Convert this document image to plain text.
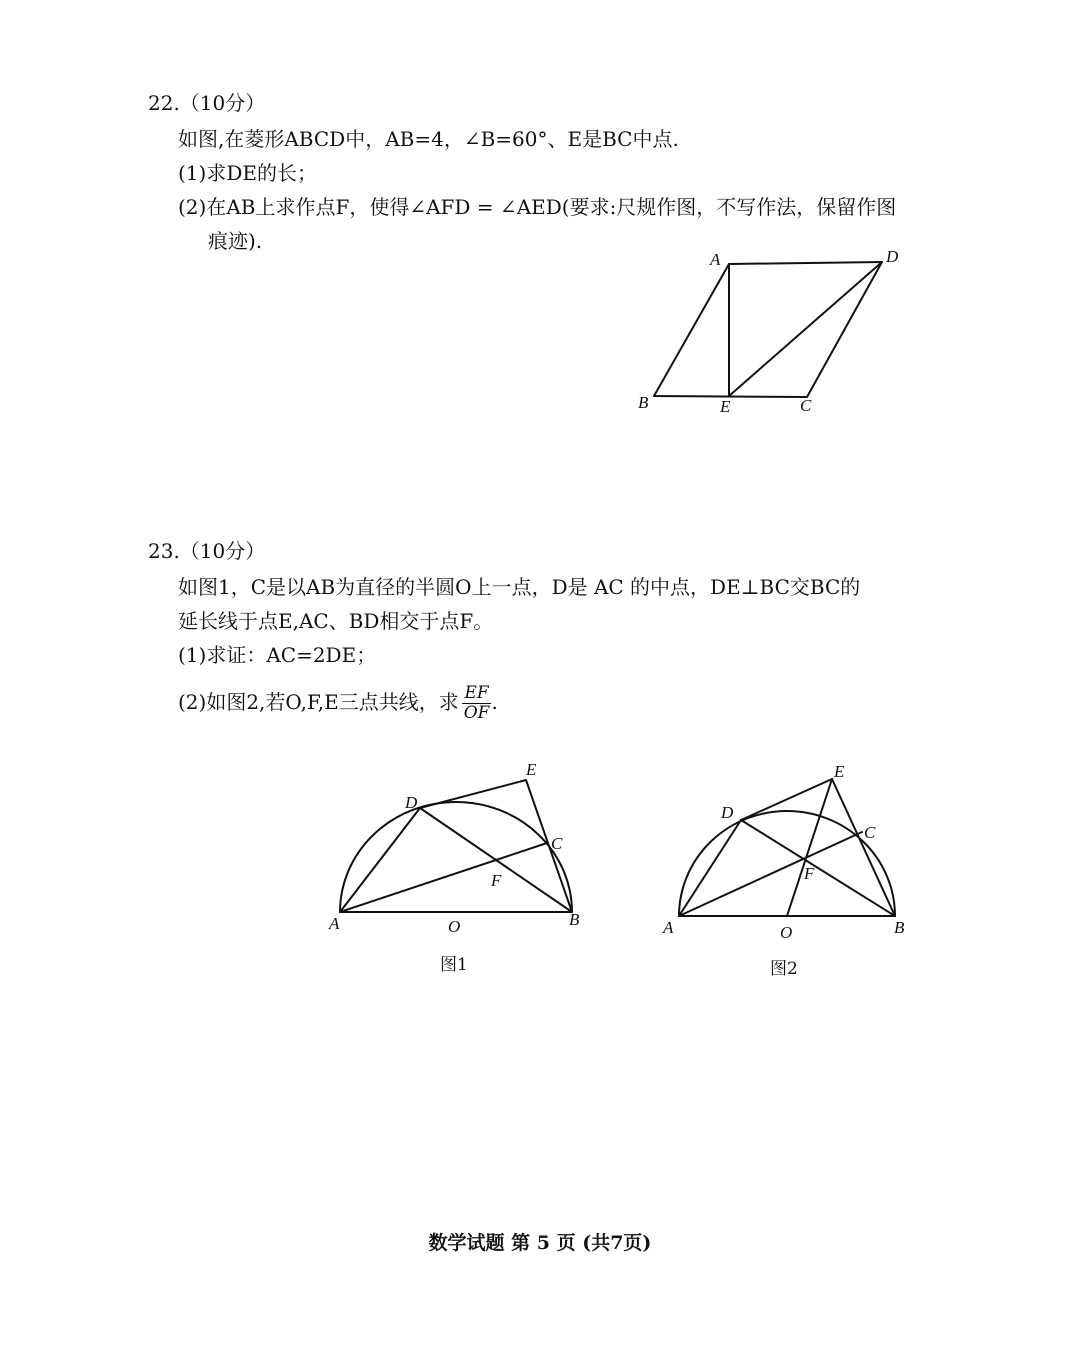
22.（10分）
如图,在菱形ABCD中，AB=4，∠B=60°、E是BC中点.
(1)求DE的长；
(2)在AB上求作点F，使得∠AFD = ∠AED(要求:尺规作图，不写作法，保留作图
痕迹).
23.（10分）
如图1，C是以AB为直径的半圆O上一点，D是 AC 的中点，DE⊥BC交BC的
延长线于点E,AC、BD相交于点F。
(1)求证：AC=2DE；
(2)如图2,若O,F,E三点共线，求 $\frac{EF}{OF}$ .
A	D
B	E	C
E
D
C
F
A	O	B
图1
E
D
C
F
A	O	B
图2
数学试题 第 5 页 (共7页)
